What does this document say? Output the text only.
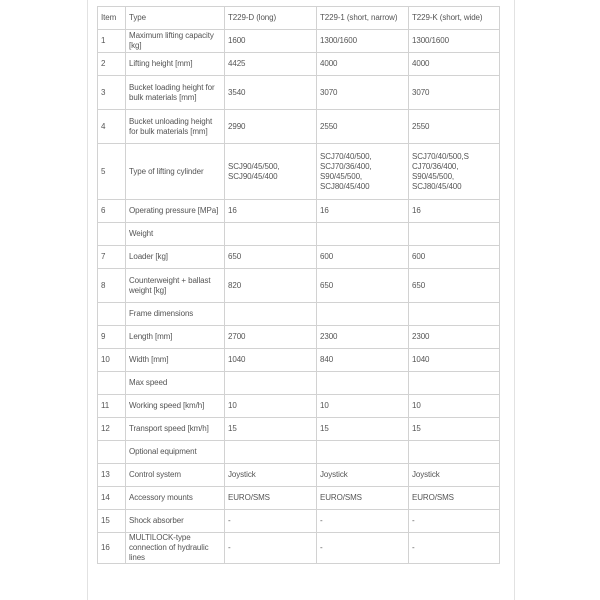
Item	Type	T229-D (long)	T229-1 (short, narrow)	T229-K (short, wide)
1	Maximum lifting capacity [kg]	1600	1300/1600	1300/1600
2	Lifting height [mm]	4425	4000	4000
3	Bucket loading height for bulk materials [mm]	3540	3070	3070
4	Bucket unloading height for bulk materials [mm]	2990	2550	2550
5	Type of lifting cylinder	SCJ90/45/500, SCJ90/45/400	SCJ70/40/500, SCJ70/36/400, S90/45/500, SCJ80/45/400	SCJ70/40/500,S CJ70/36/400, S90/45/500, SCJ80/45/400
6	Operating pressure [MPa]	16	16	16
	Weight			
7	Loader [kg]	650	600	600
8	Counterweight + ballast weight [kg]	820	650	650
	Frame dimensions			
9	Length [mm]	2700	2300	2300
10	Width [mm]	1040	840	1040
	Max speed			
11	Working speed [km/h]	10	10	10
12	Transport speed [km/h]	15	15	15
	Optional equipment			
13	Control system	Joystick	Joystick	Joystick
14	Accessory mounts	EURO/SMS	EURO/SMS	EURO/SMS
15	Shock absorber	-	-	-
16	MULTILOCK-type connection of hydraulic lines	-	-	-
